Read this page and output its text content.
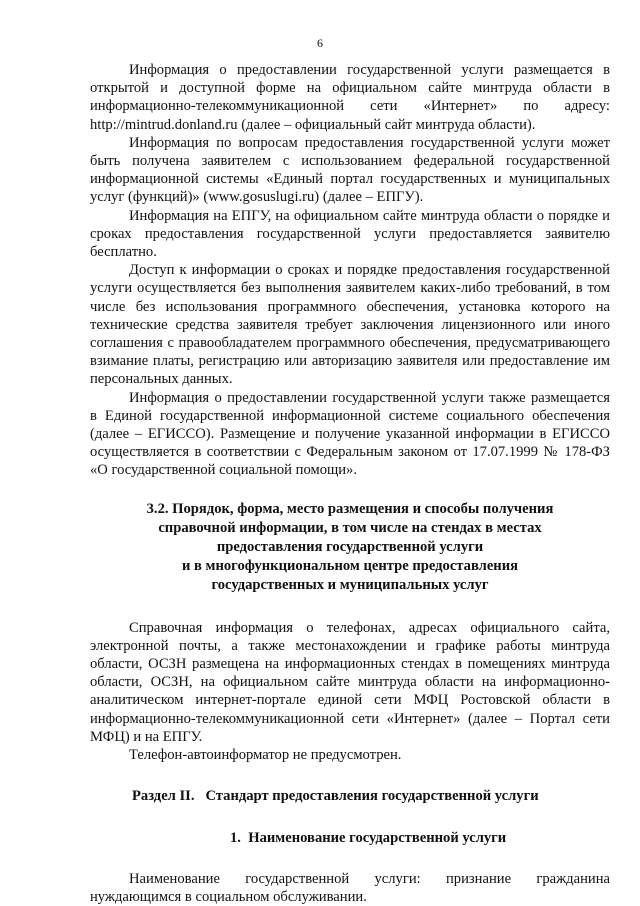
6

Информация о предоставлении государственной услуги размещается в открытой и доступной форме на официальном сайте минтруда области в информационно-телекоммуникационной сети «Интернет» по адресу: http://mintrud.donland.ru (далее – официальный сайт минтруда области).

Информация по вопросам предоставления государственной услуги может быть получена заявителем с использованием федеральной государственной информационной системы «Единый портал государственных и муниципальных услуг (функций)» (www.gosuslugi.ru) (далее – ЕПГУ).

Информация на ЕПГУ, на официальном сайте минтруда области о порядке и сроках предоставления государственной услуги предоставляется заявителю бесплатно.

Доступ к информации о сроках и порядке предоставления государственной услуги осуществляется без выполнения заявителем каких-либо требований, в том числе без использования программного обеспечения, установка которого на технические средства заявителя требует заключения лицензионного или иного соглашения с правообладателем программного обеспечения, предусматривающего взимание платы, регистрацию или авторизацию заявителя или предоставление им персональных данных.

Информация о предоставлении государственной услуги также размещается в Единой государственной информационной системе социального обеспечения (далее – ЕГИССО). Размещение и получение указанной информации в ЕГИССО осуществляется в соответствии с Федеральным законом от 17.07.1999 № 178-ФЗ «О государственной социальной помощи».

3.2. Порядок, форма, место размещения и способы получения
справочной информации, в том числе на стендах в местах
предоставления государственной услуги
и в многофункциональном центре предоставления
государственных и муниципальных услуг

Справочная информация о телефонах, адресах официального сайта, электронной почты, а также местонахождении и графике работы минтруда области, ОСЗН размещена на информационных стендах в помещениях минтруда области, ОСЗН, на официальном сайте минтруда области на информационно-аналитическом интернет-портале единой сети МФЦ Ростовской области в информационно-телекоммуникационной сети «Интернет» (далее – Портал сети МФЦ) и на ЕПГУ.

Телефон-автоинформатор не предусмотрен.

Раздел II.   Стандарт предоставления государственной услуги
1.  Наименование государственной услуги

Наименование государственной услуги: признание гражданина нуждающимся в социальном обслуживании.
